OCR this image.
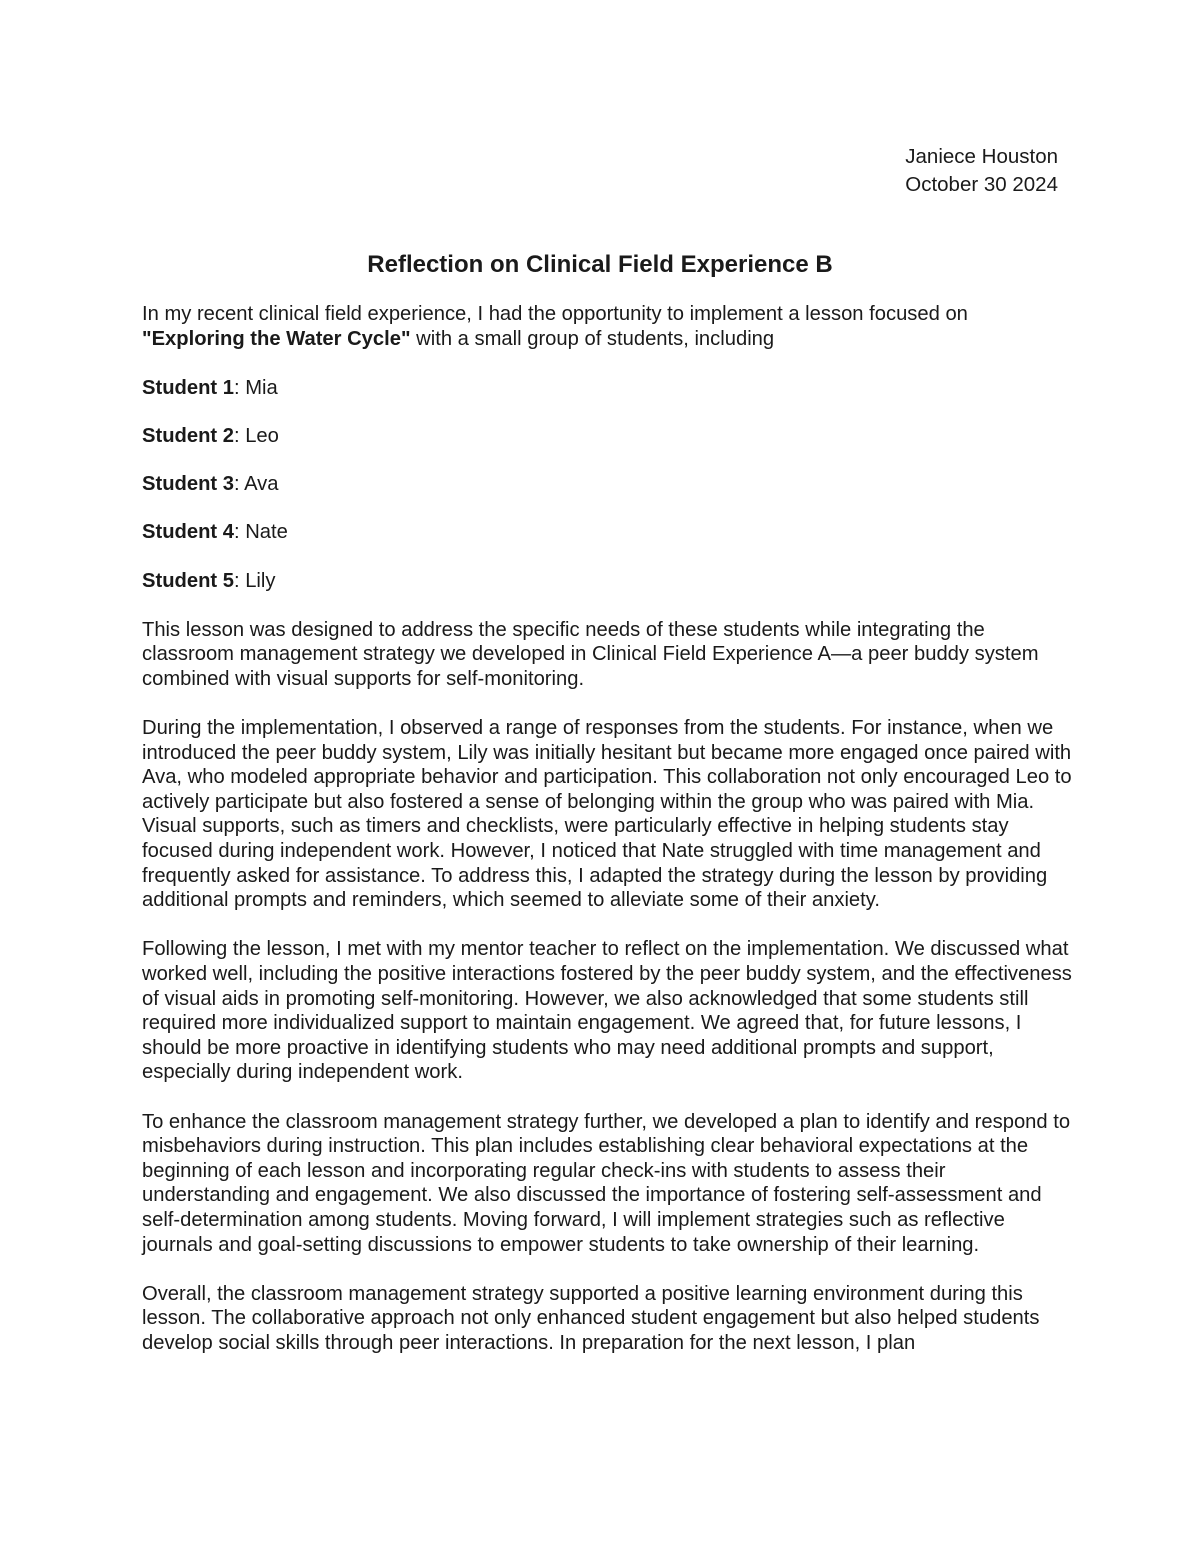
Janiece Houston
October 30 2024
Reflection on Clinical Field Experience B

In my recent clinical field experience, I had the opportunity to implement a lesson focused on "Exploring the Water Cycle" with a small group of students, including

Student 1: Mia
Student 2: Leo
Student 3: Ava
Student 4: Nate
Student 5: Lily

This lesson was designed to address the specific needs of these students while integrating the classroom management strategy we developed in Clinical Field Experience A—a peer buddy system combined with visual supports for self-monitoring.

During the implementation, I observed a range of responses from the students. For instance, when we introduced the peer buddy system, Lily was initially hesitant but became more engaged once paired with Ava, who modeled appropriate behavior and participation. This collaboration not only encouraged Leo to actively participate but also fostered a sense of belonging within the group who was paired with Mia. Visual supports, such as timers and checklists, were particularly effective in helping students stay focused during independent work. However, I noticed that Nate struggled with time management and frequently asked for assistance. To address this, I adapted the strategy during the lesson by providing additional prompts and reminders, which seemed to alleviate some of their anxiety.

Following the lesson, I met with my mentor teacher to reflect on the implementation. We discussed what worked well, including the positive interactions fostered by the peer buddy system, and the effectiveness of visual aids in promoting self-monitoring. However, we also acknowledged that some students still required more individualized support to maintain engagement. We agreed that, for future lessons, I should be more proactive in identifying students who may need additional prompts and support, especially during independent work.

To enhance the classroom management strategy further, we developed a plan to identify and respond to misbehaviors during instruction. This plan includes establishing clear behavioral expectations at the beginning of each lesson and incorporating regular check-ins with students to assess their understanding and engagement. We also discussed the importance of fostering self-assessment and self-determination among students. Moving forward, I will implement strategies such as reflective journals and goal-setting discussions to empower students to take ownership of their learning.

Overall, the classroom management strategy supported a positive learning environment during this lesson. The collaborative approach not only enhanced student engagement but also helped students develop social skills through peer interactions. In preparation for the next lesson, I plan
